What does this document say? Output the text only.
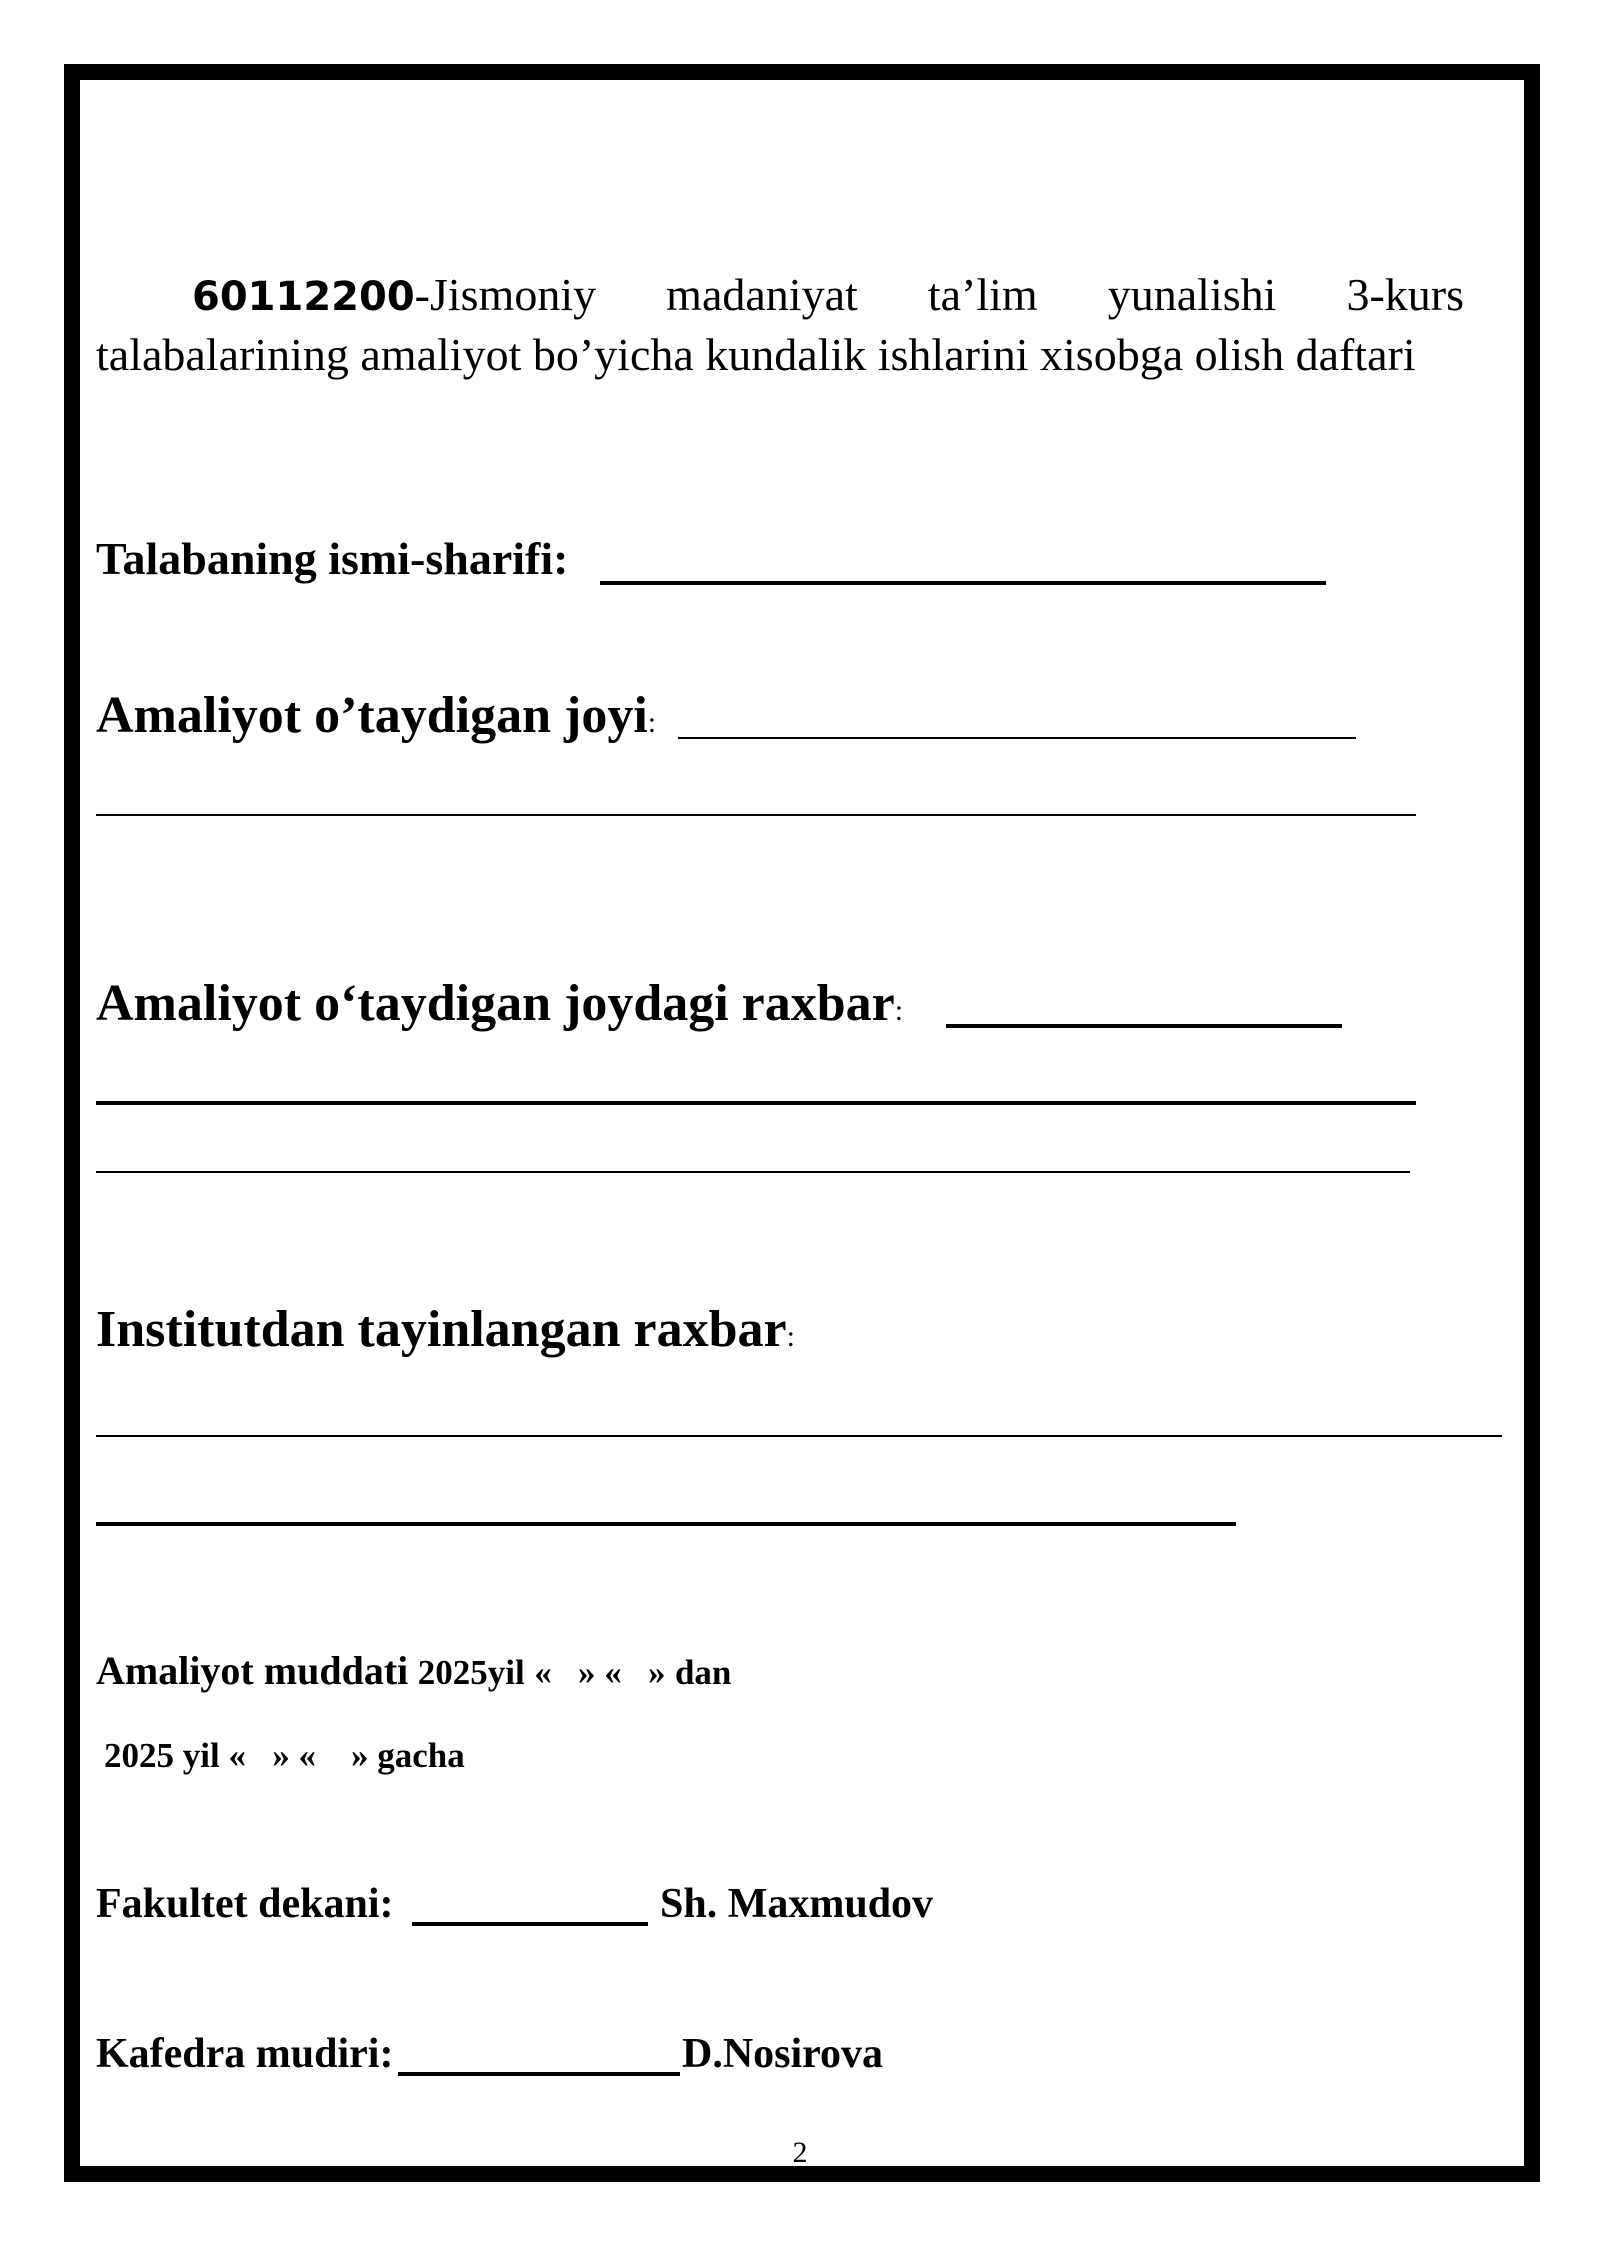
60112200-Jismoniy madaniyat ta’lim yunalishi 3-kurs talabalarining amaliyot bo’yicha kundalik ishlarini xisobga olish daftari

Talabaning ismi-sharifi:
Amaliyot o’taydigan joyi:
Amaliyot o‘taydigan joydagi raxbar:
Institutdan tayinlangan raxbar:
Amaliyot muddati 2025yil «   » «   » dan
2025 yil «   » «    » gacha
Fakultet dekani:	Sh. Maxmudov
Kafedra mudiri:	D.Nosirova
2
